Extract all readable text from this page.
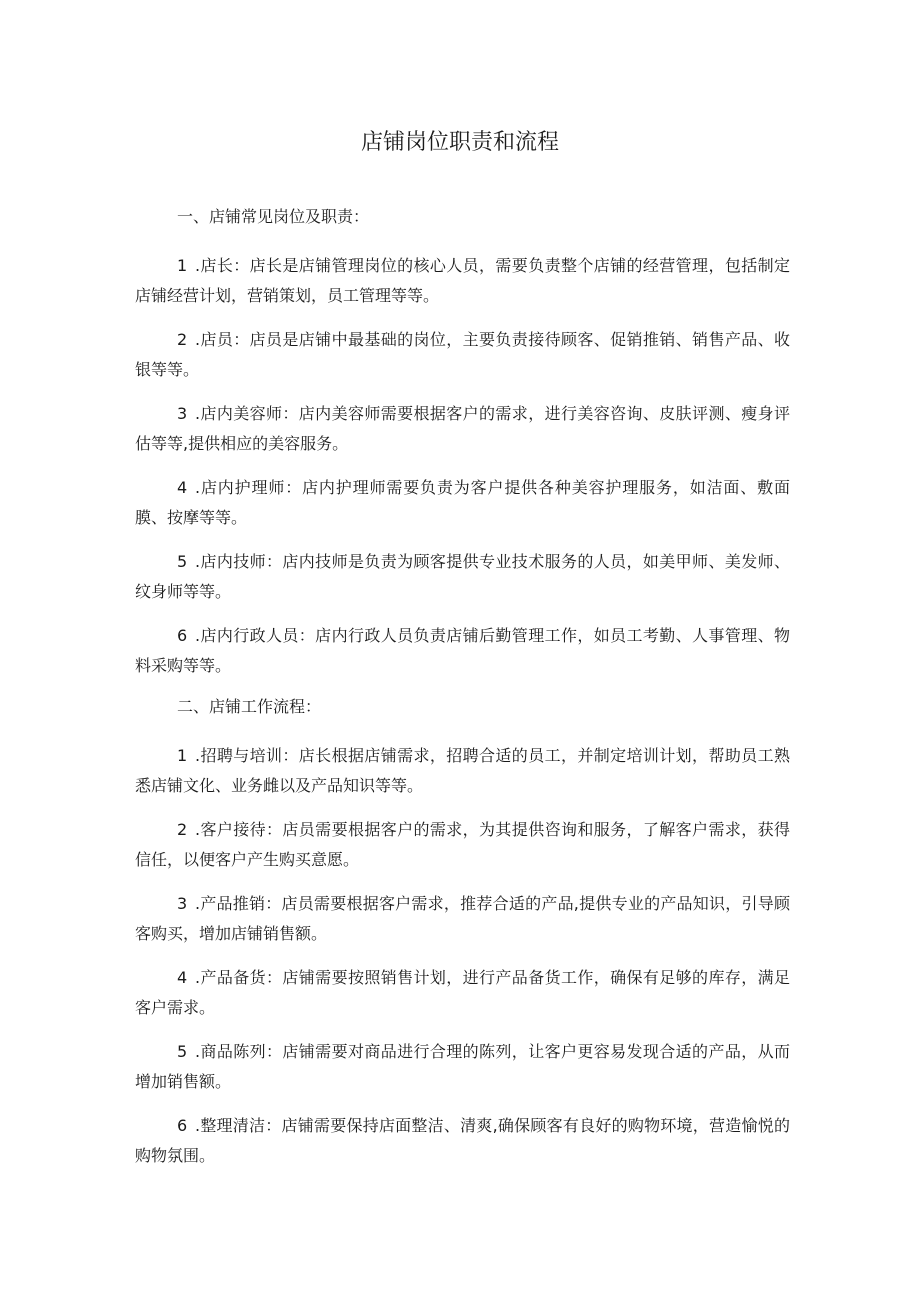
店铺岗位职责和流程
一、店铺常见岗位及职责：

1 .店长：店长是店铺管理岗位的核心人员，需要负责整个店铺的经营管理，包括制定店铺经营计划，营销策划，员工管理等等。

2 .店员：店员是店铺中最基础的岗位，主要负责接待顾客、促销推销、销售产品、收银等等。

3 .店内美容师：店内美容师需要根据客户的需求，进行美容咨询、皮肤评测、瘦身评估等等,提供相应的美容服务。

4 .店内护理师：店内护理师需要负责为客户提供各种美容护理服务，如洁面、敷面膜、按摩等等。

5 .店内技师：店内技师是负责为顾客提供专业技术服务的人员，如美甲师、美发师、纹身师等等。

6 .店内行政人员：店内行政人员负责店铺后勤管理工作，如员工考勤、人事管理、物料采购等等。

二、店铺工作流程：

1 .招聘与培训：店长根据店铺需求，招聘合适的员工，并制定培训计划，帮助员工熟悉店铺文化、业务雌以及产品知识等等。

2 .客户接待：店员需要根据客户的需求，为其提供咨询和服务，了解客户需求，获得信任，以便客户产生购买意愿。

3 .产品推销：店员需要根据客户需求，推荐合适的产品,提供专业的产品知识，引导顾客购买，增加店铺销售额。

4 .产品备货：店铺需要按照销售计划，进行产品备货工作，确保有足够的库存，满足客户需求。

5 .商品陈列：店铺需要对商品进行合理的陈列，让客户更容易发现合适的产品，从而增加销售额。

6 .整理清洁：店铺需要保持店面整洁、清爽,确保顾客有良好的购物环境，营造愉悦的购物氛围。
